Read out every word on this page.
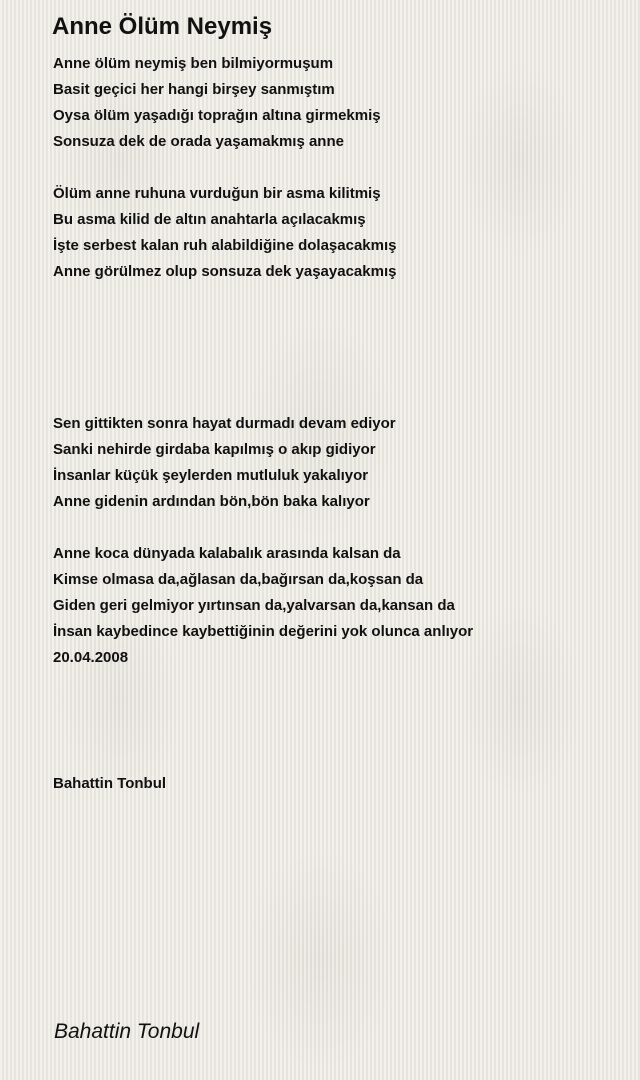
Anne Ölüm Neymiş
Anne ölüm neymiş ben bilmiyormuşum
Basit geçici her hangi birşey sanmıştım
Oysa ölüm yaşadığı toprağın altına girmekmiş
Sonsuza dek de orada yaşamakmış anne
Ölüm anne ruhuna vurduğun bir asma kilitmiş
Bu asma kilid de altın anahtarla açılacakmış
İşte serbest kalan ruh alabildiğine dolaşacakmış
Anne görülmez olup sonsuza dek yaşayacakmış
Sen gittikten sonra hayat durmadı devam ediyor
Sanki nehirde girdaba kapılmış o akıp gidiyor
İnsanlar küçük şeylerden mutluluk yakalıyor
Anne gidenin ardından bön,bön baka kalıyor
Anne koca dünyada kalabalık arasında kalsan da
Kimse olmasa da,ağlasan da,bağırsan da,koşsan da
Giden geri gelmiyor yırtınsan da,yalvarsan da,kansan da
İnsan kaybedince kaybettiğinin değerini yok olunca anlıyor
20.04.2008
Bahattin Tonbul
Bahattin Tonbul
